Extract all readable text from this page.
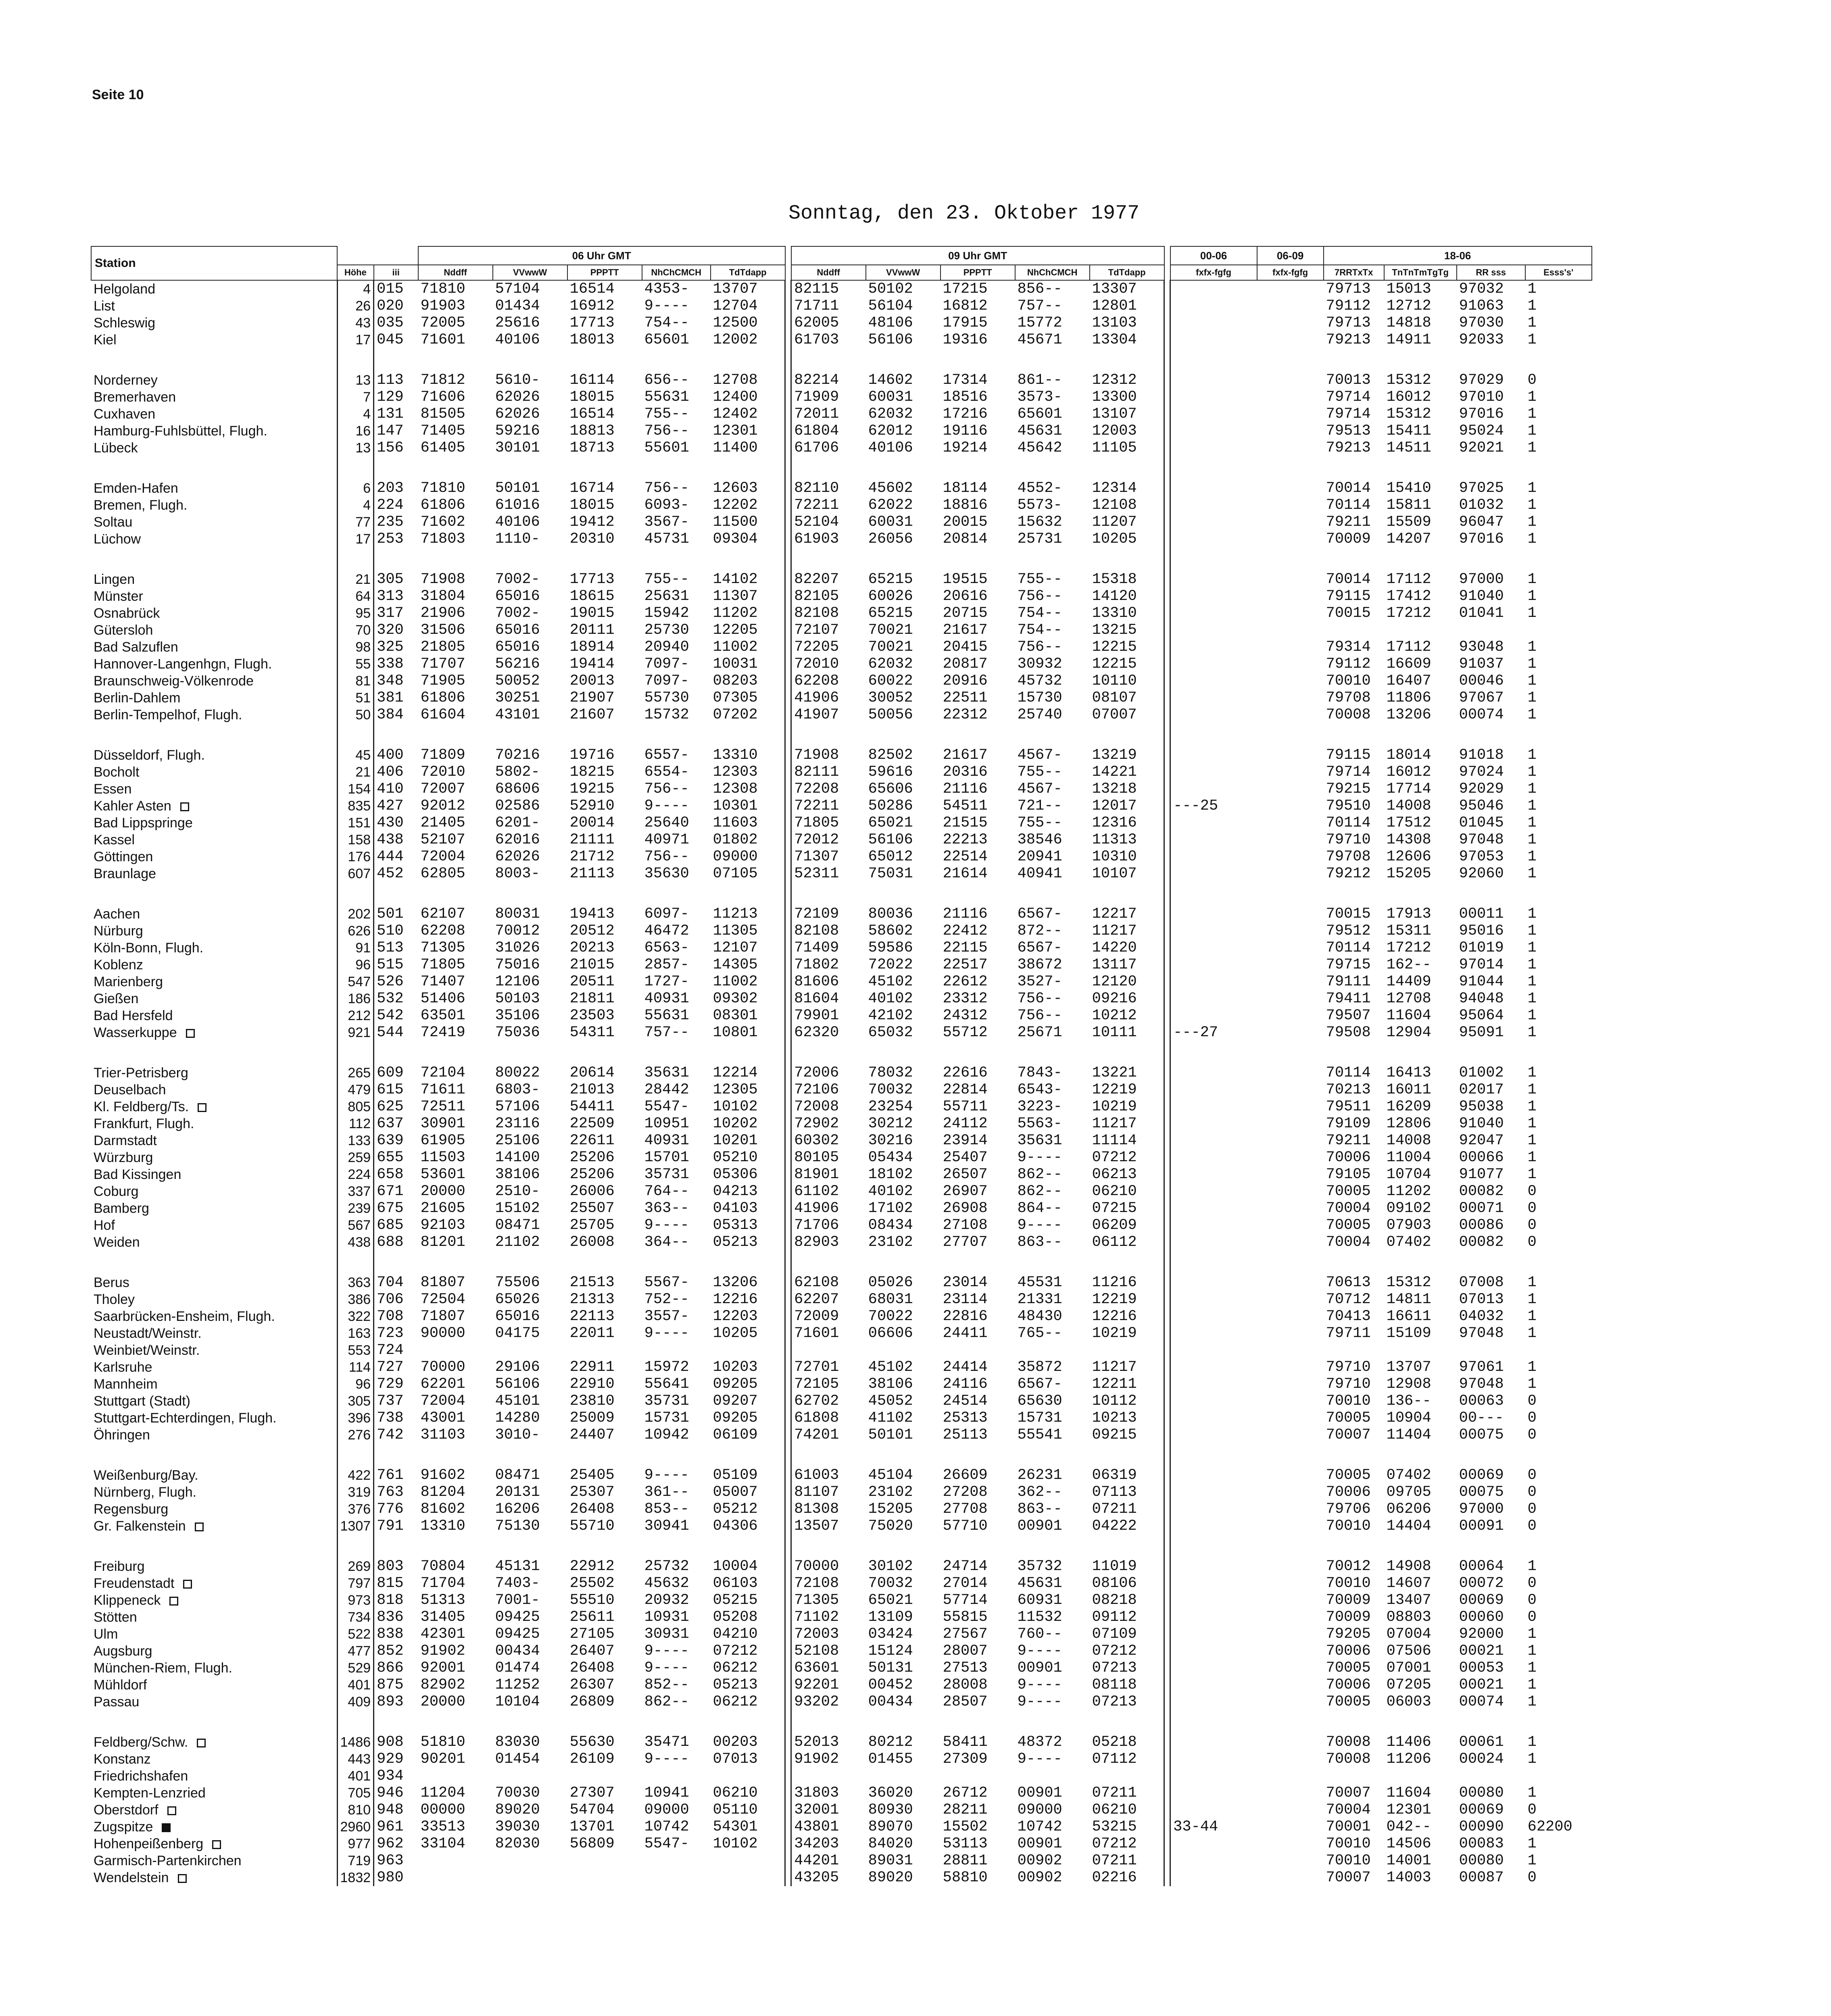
Seite 10
Sonntag, den 23. Oktober 1977
Station			06 Uhr GMT						09 Uhr GMT						00-06	06-09	18-06			
	Höhe	iii	Nddff	VVwwW	PPPTT	NhChCMCH	TdTdapp		Nddff	VVwwW	PPPTT	NhChCMCH	TdTdapp		fxfx-fgfg	fxfx-fgfg	7RRTxTx	TnTnTmTgTg	RR sss	Esss's'
Helgoland	4	015	71810	57104	16514	4353-	13707		82115	50102	17215	856--	13307				79713	15013	97032	1
List	26	020	91903	01434	16912	9----	12704		71711	56104	16812	757--	12801				79112	12712	91063	1
Schleswig	43	035	72005	25616	17713	754--	12500		62005	48106	17915	15772	13103				79713	14818	97030	1
Kiel	17	045	71601	40106	18013	65601	12002		61703	56106	19316	45671	13304				79213	14911	92033	1

Norderney	13	113	71812	5610-	16114	656--	12708		82214	14602	17314	861--	12312				70013	15312	97029	0
Bremerhaven	7	129	71606	62026	18015	55631	12400		71909	60031	18516	3573-	13300				79714	16012	97010	1
Cuxhaven	4	131	81505	62026	16514	755--	12402		72011	62032	17216	65601	13107				79714	15312	97016	1
Hamburg-Fuhlsbüttel, Flugh.	16	147	71405	59216	18813	756--	12301		61804	62012	19116	45631	12003				79513	15411	95024	1
Lübeck	13	156	61405	30101	18713	55601	11400		61706	40106	19214	45642	11105				79213	14511	92021	1

Emden-Hafen	6	203	71810	50101	16714	756--	12603		82110	45602	18114	4552-	12314				70014	15410	97025	1
Bremen, Flugh.	4	224	61806	61016	18015	6093-	12202		72211	62022	18816	5573-	12108				70114	15811	01032	1
Soltau	77	235	71602	40106	19412	3567-	11500		52104	60031	20015	15632	11207				79211	15509	96047	1
Lüchow	17	253	71803	1110-	20310	45731	09304		61903	26056	20814	25731	10205				70009	14207	97016	1

Lingen	21	305	71908	7002-	17713	755--	14102		82207	65215	19515	755--	15318				70014	17112	97000	1
Münster	64	313	31804	65016	18615	25631	11307		82105	60026	20616	756--	14120				79115	17412	91040	1
Osnabrück	95	317	21906	7002-	19015	15942	11202		82108	65215	20715	754--	13310				70015	17212	01041	1
Gütersloh	70	320	31506	65016	20111	25730	12205		72107	70021	21617	754--	13215							
Bad Salzuflen	98	325	21805	65016	18914	20940	11002		72205	70021	20415	756--	12215				79314	17112	93048	1
Hannover-Langenhgn, Flugh.	55	338	71707	56216	19414	7097-	10031		72010	62032	20817	30932	12215				79112	16609	91037	1
Braunschweig-Völkenrode	81	348	71905	50052	20013	7097-	08203		62208	60022	20916	45732	10110				70010	16407	00046	1
Berlin-Dahlem	51	381	61806	30251	21907	55730	07305		41906	30052	22511	15730	08107				79708	11806	97067	1
Berlin-Tempelhof, Flugh.	50	384	61604	43101	21607	15732	07202		41907	50056	22312	25740	07007				70008	13206	00074	1

Düsseldorf, Flugh.	45	400	71809	70216	19716	6557-	13310		71908	82502	21617	4567-	13219				79115	18014	91018	1
Bocholt	21	406	72010	5802-	18215	6554-	12303		82111	59616	20316	755--	14221				79714	16012	97024	1
Essen	154	410	72007	68606	19215	756--	12308		72208	65606	21116	4567-	13218				79215	17714	92029	1
Kahler Asten	835	427	92012	02586	52910	9----	10301		72211	50286	54511	721--	12017		---25		79510	14008	95046	1
Bad Lippspringe	151	430	21405	6201-	20014	25640	11603		71805	65021	21515	755--	12316				70114	17512	01045	1
Kassel	158	438	52107	62016	21111	40971	01802		72012	56106	22213	38546	11313				79710	14308	97048	1
Göttingen	176	444	72004	62026	21712	756--	09000		71307	65012	22514	20941	10310				79708	12606	97053	1
Braunlage	607	452	62805	8003-	21113	35630	07105		52311	75031	21614	40941	10107				79212	15205	92060	1

Aachen	202	501	62107	80031	19413	6097-	11213		72109	80036	21116	6567-	12217				70015	17913	00011	1
Nürburg	626	510	62208	70012	20512	46472	11305		82108	58602	22412	872--	11217				79512	15311	95016	1
Köln-Bonn, Flugh.	91	513	71305	31026	20213	6563-	12107		71409	59586	22115	6567-	14220				70114	17212	01019	1
Koblenz	96	515	71805	75016	21015	2857-	14305		71802	72022	22517	38672	13117				79715	162--	97014	1
Marienberg	547	526	71407	12106	20511	1727-	11002		81606	45102	22612	3527-	12120				79111	14409	91044	1
Gießen	186	532	51406	50103	21811	40931	09302		81604	40102	23312	756--	09216				79411	12708	94048	1
Bad Hersfeld	212	542	63501	35106	23503	55631	08301		79901	42102	24312	756--	10212				79507	11604	95064	1
Wasserkuppe	921	544	72419	75036	54311	757--	10801		62320	65032	55712	25671	10111		---27		79508	12904	95091	1

Trier-Petrisberg	265	609	72104	80022	20614	35631	12214		72006	78032	22616	7843-	13221				70114	16413	01002	1
Deuselbach	479	615	71611	6803-	21013	28442	12305		72106	70032	22814	6543-	12219				70213	16011	02017	1
Kl. Feldberg/Ts.	805	625	72511	57106	54411	5547-	10102		72008	23254	55711	3223-	10219				79511	16209	95038	1
Frankfurt, Flugh.	112	637	30901	23116	22509	10951	10202		72902	30212	24112	5563-	11217				79109	12806	91040	1
Darmstadt	133	639	61905	25106	22611	40931	10201		60302	30216	23914	35631	11114				79211	14008	92047	1
Würzburg	259	655	11503	14100	25206	15701	05210		80105	05434	25407	9----	07212				70006	11004	00066	1
Bad Kissingen	224	658	53601	38106	25206	35731	05306		81901	18102	26507	862--	06213				79105	10704	91077	1
Coburg	337	671	20000	2510-	26006	764--	04213		61102	40102	26907	862--	06210				70005	11202	00082	0
Bamberg	239	675	21605	15102	25507	363--	04103		41906	17102	26908	864--	07215				70004	09102	00071	0
Hof	567	685	92103	08471	25705	9----	05313		71706	08434	27108	9----	06209				70005	07903	00086	0
Weiden	438	688	81201	21102	26008	364--	05213		82903	23102	27707	863--	06112				70004	07402	00082	0

Berus	363	704	81807	75506	21513	5567-	13206		62108	05026	23014	45531	11216				70613	15312	07008	1
Tholey	386	706	72504	65026	21313	752--	12216		62207	68031	23114	21331	12219				70712	14811	07013	1
Saarbrücken-Ensheim, Flugh.	322	708	71807	65016	22113	3557-	12203		72009	70022	22816	48430	12216				70413	16611	04032	1
Neustadt/Weinstr.	163	723	90000	04175	22011	9----	10205		71601	06606	24411	765--	10219				79711	15109	97048	1
Weinbiet/Weinstr.	553	724																		
Karlsruhe	114	727	70000	29106	22911	15972	10203		72701	45102	24414	35872	11217				79710	13707	97061	1
Mannheim	96	729	62201	56106	22910	55641	09205		72105	38106	24116	6567-	12211				79710	12908	97048	1
Stuttgart (Stadt)	305	737	72004	45101	23810	35731	09207		62702	45052	24514	65630	10112				70010	136--	00063	0
Stuttgart-Echterdingen, Flugh.	396	738	43001	14280	25009	15731	09205		61808	41102	25313	15731	10213				70005	10904	00---	0
Öhringen	276	742	31103	3010-	24407	10942	06109		74201	50101	25113	55541	09215				70007	11404	00075	0

Weißenburg/Bay.	422	761	91602	08471	25405	9----	05109		61003	45104	26609	26231	06319				70005	07402	00069	0
Nürnberg, Flugh.	319	763	81204	20131	25307	361--	05007		81107	23102	27208	362--	07113				70006	09705	00075	0
Regensburg	376	776	81602	16206	26408	853--	05212		81308	15205	27708	863--	07211				79706	06206	97000	0
Gr. Falkenstein	1307	791	13310	75130	55710	30941	04306		13507	75020	57710	00901	04222				70010	14404	00091	0

Freiburg	269	803	70804	45131	22912	25732	10004		70000	30102	24714	35732	11019				70012	14908	00064	1
Freudenstadt	797	815	71704	7403-	25502	45632	06103		72108	70032	27014	45631	08106				70010	14607	00072	0
Klippeneck	973	818	51313	7001-	55510	20932	05215		71305	65021	57714	60931	08218				70009	13407	00069	0
Stötten	734	836	31405	09425	25611	10931	05208		71102	13109	55815	11532	09112				70009	08803	00060	0
Ulm	522	838	42301	09425	27105	30931	04210		72003	03424	27567	760--	07109				79205	07004	92000	1
Augsburg	477	852	91902	00434	26407	9----	07212		52108	15124	28007	9----	07212				70006	07506	00021	1
München-Riem, Flugh.	529	866	92001	01474	26408	9----	06212		63601	50131	27513	00901	07213				70005	07001	00053	1
Mühldorf	401	875	82902	11252	26307	852--	05213		92201	00452	28008	9----	08118				70006	07205	00021	1
Passau	409	893	20000	10104	26809	862--	06212		93202	00434	28507	9----	07213				70005	06003	00074	1

Feldberg/Schw.	1486	908	51810	83030	55630	35471	00203		52013	80212	58411	48372	05218				70008	11406	00061	1
Konstanz	443	929	90201	01454	26109	9----	07013		91902	01455	27309	9----	07112				70008	11206	00024	1
Friedrichshafen	401	934																		
Kempten-Lenzried	705	946	11204	70030	27307	10941	06210		31803	36020	26712	00901	07211				70007	11604	00080	1
Oberstdorf	810	948	00000	89020	54704	09000	05110		32001	80930	28211	09000	06210				70004	12301	00069	0
Zugspitze	2960	961	33513	39030	13701	10742	54301		43801	89070	15502	10742	53215		33-44		70001	042--	00090	62200
Hohenpeißenberg	977	962	33104	82030	56809	5547-	10102		34203	84020	53113	00901	07212				70010	14506	00083	1
Garmisch-Partenkirchen	719	963							44201	89031	28811	00902	07211				70010	14001	00080	1
Wendelstein	1832	980							43205	89020	58810	00902	02216				70007	14003	00087	0
